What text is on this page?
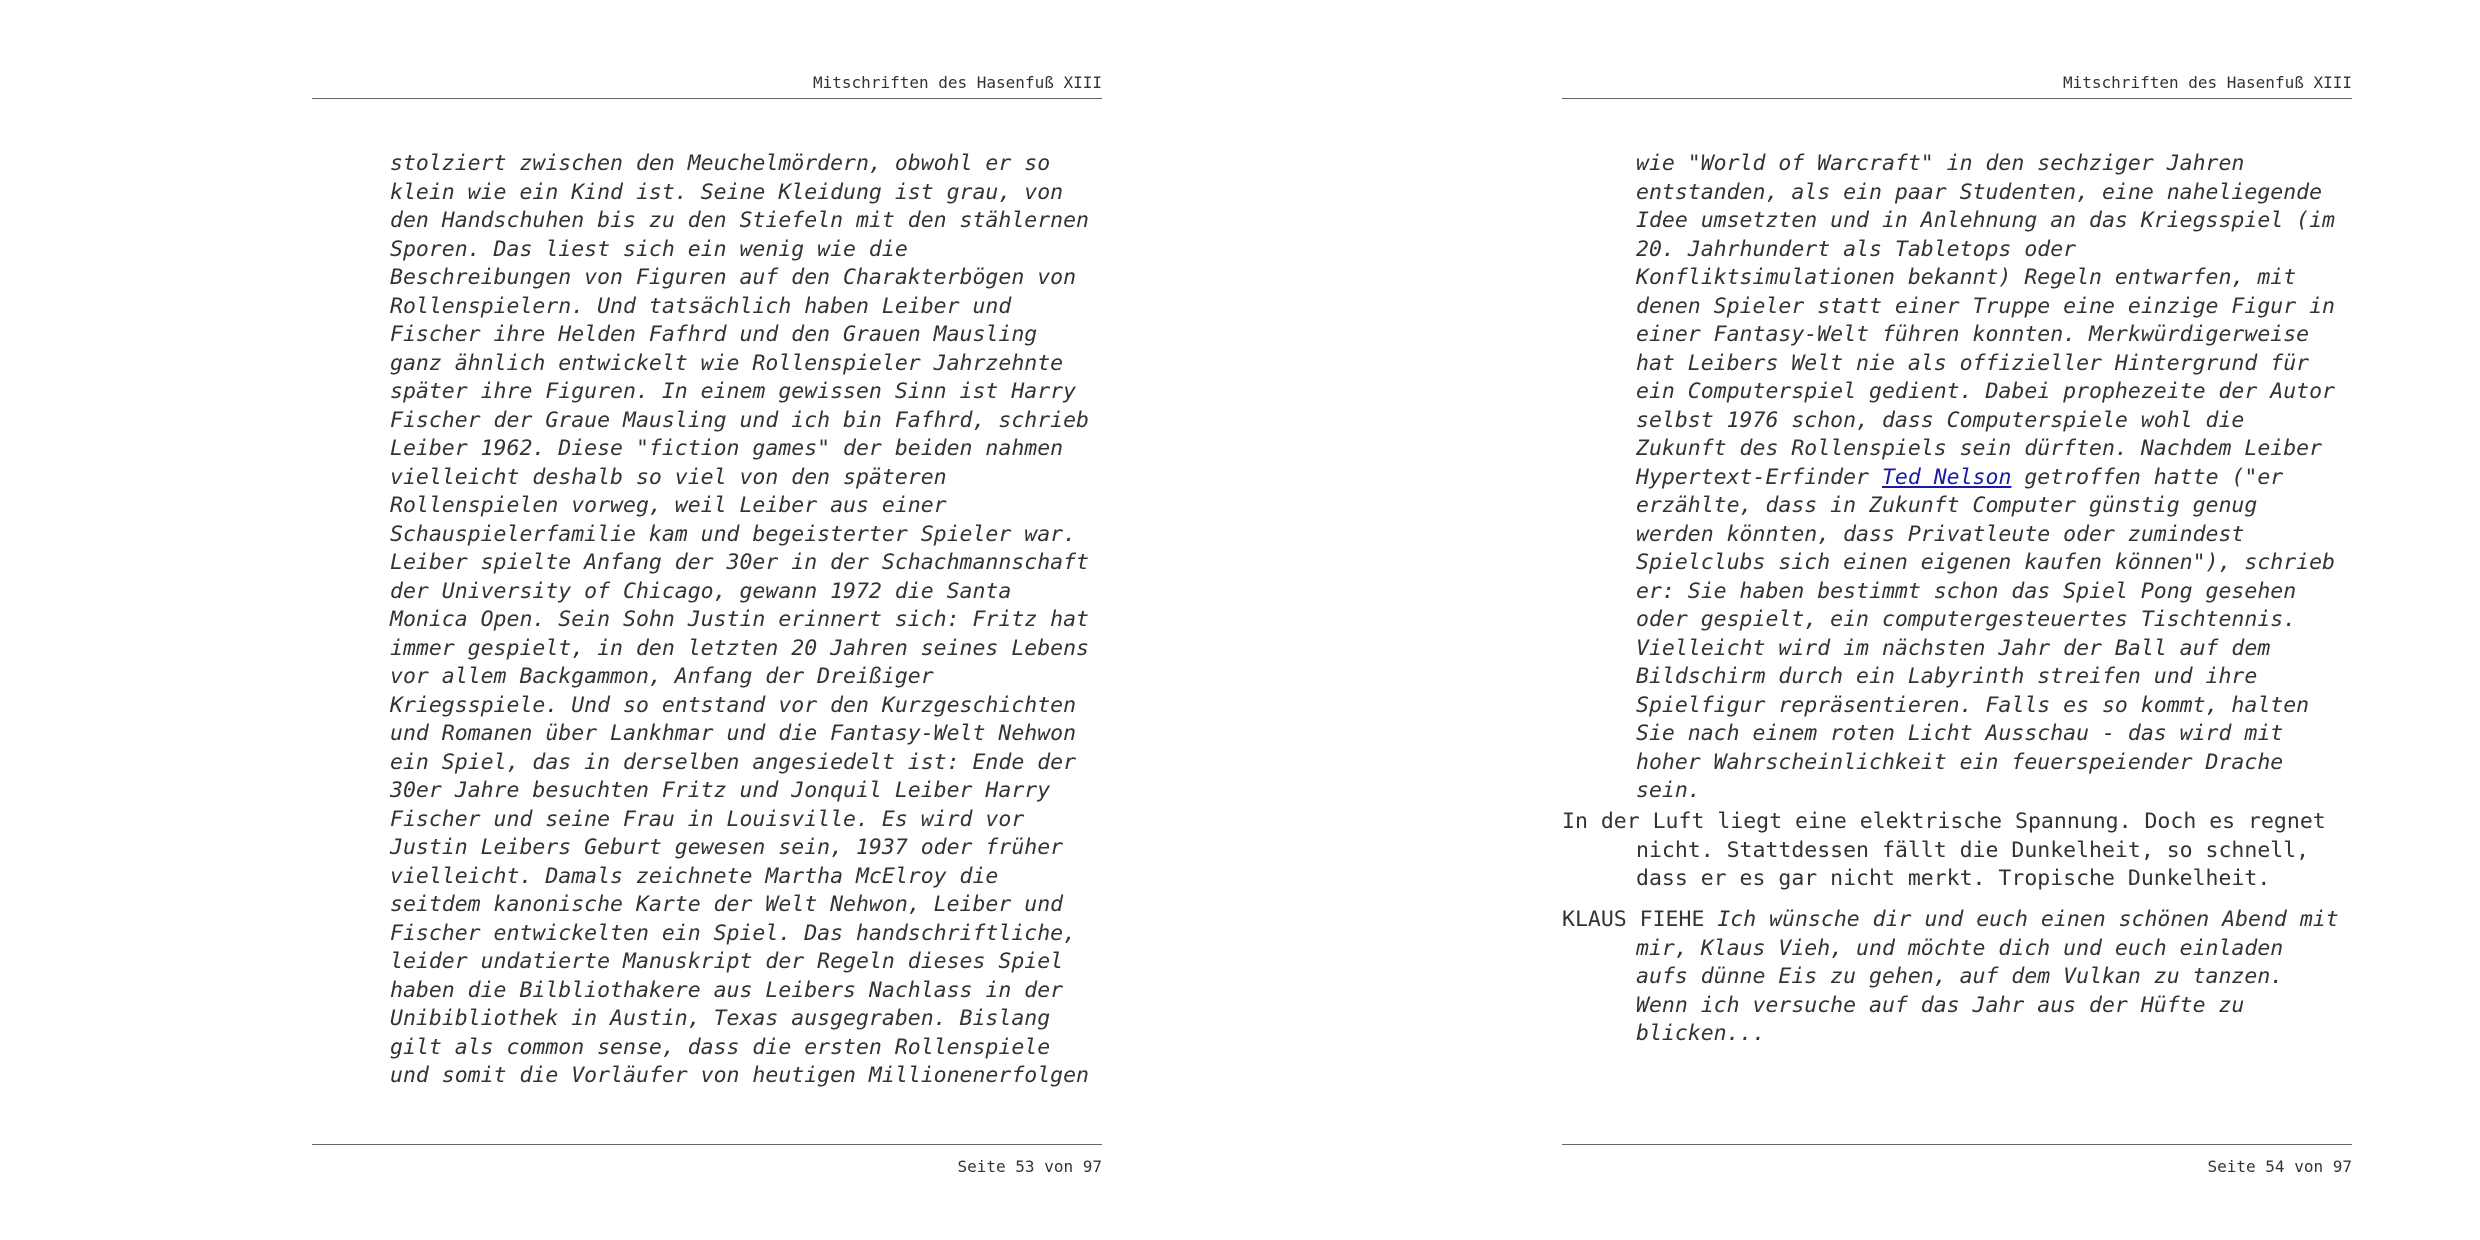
Mitschriften des Hasenfuß XIII
stolziert zwischen den Meuchelmördern, obwohl er so
klein wie ein Kind ist. Seine Kleidung ist grau, von
den Handschuhen bis zu den Stiefeln mit den stählernen
Sporen. Das liest sich ein wenig wie die
Beschreibungen von Figuren auf den Charakterbögen von
Rollenspielern. Und tatsächlich haben Leiber und
Fischer ihre Helden Fafhrd und den Grauen Mausling
ganz ähnlich entwickelt wie Rollenspieler Jahrzehnte
später ihre Figuren. In einem gewissen Sinn ist Harry
Fischer der Graue Mausling und ich bin Fafhrd, schrieb
Leiber 1962. Diese "fiction games" der beiden nahmen
vielleicht deshalb so viel von den späteren
Rollenspielen vorweg, weil Leiber aus einer
Schauspielerfamilie kam und begeisterter Spieler war.
Leiber spielte Anfang der 30er in der Schachmannschaft
der University of Chicago, gewann 1972 die Santa
Monica Open. Sein Sohn Justin erinnert sich: Fritz hat
immer gespielt, in den letzten 20 Jahren seines Lebens
vor allem Backgammon, Anfang der Dreißiger
Kriegsspiele. Und so entstand vor den Kurzgeschichten
und Romanen über Lankhmar und die Fantasy-Welt Nehwon
ein Spiel, das in derselben angesiedelt ist: Ende der
30er Jahre besuchten Fritz und Jonquil Leiber Harry
Fischer und seine Frau in Louisville. Es wird vor
Justin Leibers Geburt gewesen sein, 1937 oder früher
vielleicht. Damals zeichnete Martha McElroy die
seitdem kanonische Karte der Welt Nehwon, Leiber und
Fischer entwickelten ein Spiel. Das handschriftliche,
leider undatierte Manuskript der Regeln dieses Spiel
haben die Bilbliothakere aus Leibers Nachlass in der
Unibibliothek in Austin, Texas ausgegraben. Bislang
gilt als common sense, dass die ersten Rollenspiele
und somit die Vorläufer von heutigen Millionenerfolgen
Seite 53 von 97
Mitschriften des Hasenfuß XIII
wie "World of Warcraft" in den sechziger Jahren
entstanden, als ein paar Studenten, eine naheliegende
Idee umsetzten und in Anlehnung an das Kriegsspiel (im
20. Jahrhundert als Tabletops oder
Konfliktsimulationen bekannt) Regeln entwarfen, mit
denen Spieler statt einer Truppe eine einzige Figur in
einer Fantasy-Welt führen konnten. Merkwürdigerweise
hat Leibers Welt nie als offizieller Hintergrund für
ein Computerspiel gedient. Dabei prophezeite der Autor
selbst 1976 schon, dass Computerspiele wohl die
Zukunft des Rollenspiels sein dürften. Nachdem Leiber
Hypertext-Erfinder Ted Nelson getroffen hatte ("er
erzählte, dass in Zukunft Computer günstig genug
werden könnten, dass Privatleute oder zumindest
Spielclubs sich einen eigenen kaufen können"), schrieb
er: Sie haben bestimmt schon das Spiel Pong gesehen
oder gespielt, ein computergesteuertes Tischtennis.
Vielleicht wird im nächsten Jahr der Ball auf dem
Bildschirm durch ein Labyrinth streifen und ihre
Spielfigur repräsentieren. Falls es so kommt, halten
Sie nach einem roten Licht Ausschau - das wird mit
hoher Wahrscheinlichkeit ein feuerspeiender Drache
sein.
In der Luft liegt eine elektrische Spannung. Doch es regnet
nicht. Stattdessen fällt die Dunkelheit, so schnell,
dass er es gar nicht merkt. Tropische Dunkelheit.
KLAUS FIEHE Ich wünsche dir und euch einen schönen Abend mit
mir, Klaus Vieh, und möchte dich und euch einladen
aufs dünne Eis zu gehen, auf dem Vulkan zu tanzen.
Wenn ich versuche auf das Jahr aus der Hüfte zu
blicken...
Seite 54 von 97
